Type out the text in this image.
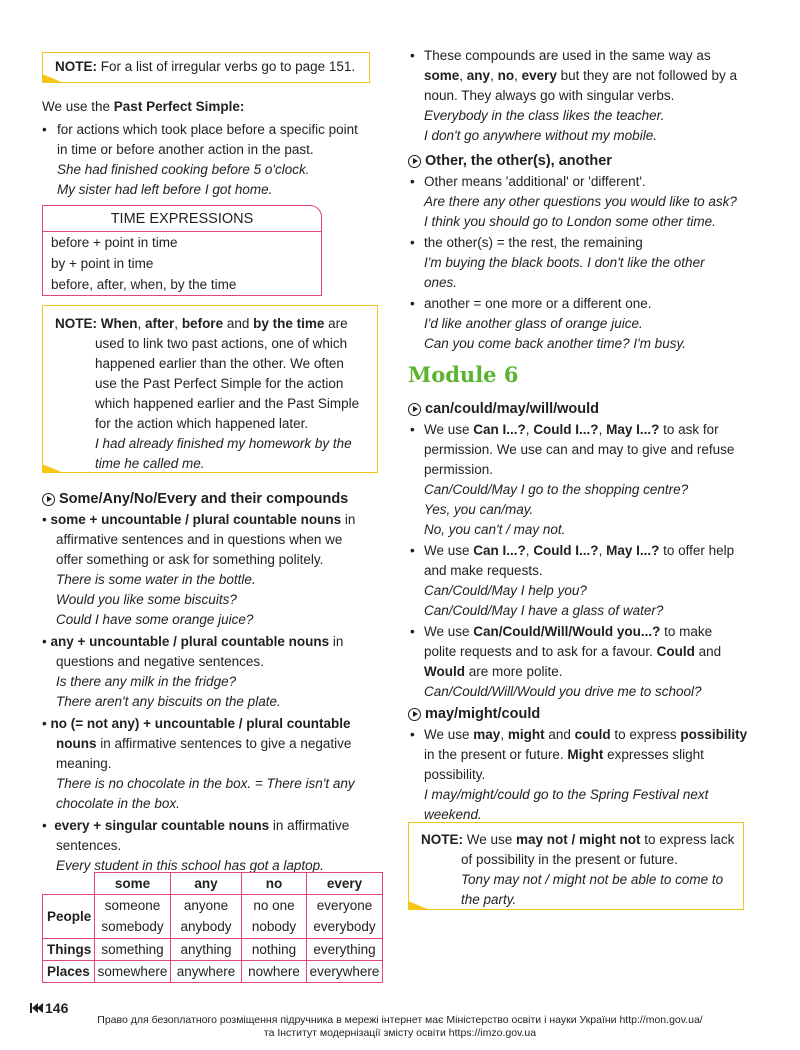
NOTE: For a list of irregular verbs go to page 151.
We use the Past Perfect Simple:
• for actions which took place before a specific point
in time or before another action in the past.
She had finished cooking before 5 o'clock.
My sister had left before I got home.
TIME EXPRESSIONS
before + point in time
by + point in time
before, after, when, by the time
NOTE: When, after, before and by the time are
used to link two past actions, one of which
happened earlier than the other. We often
use the Past Perfect Simple for the action
which happened earlier and the Past Simple
for the action which happened later.
I had already finished my homework by the
time he called me.
Some/Any/No/Every and their compounds
• some + uncountable / plural countable nouns in
affirmative sentences and in questions when we
offer something or ask for something politely.
There is some water in the bottle.
Would you like some biscuits?
Could I have some orange juice?
• any + uncountable / plural countable nouns in
questions and negative sentences.
Is there any milk in the fridge?
There aren't any biscuits on the plate.
• no (= not any) + uncountable / plural countable
nouns in affirmative sentences to give a negative
meaning.
There is no chocolate in the box. = There isn't any
chocolate in the box.
•  every + singular countable nouns in affirmative
sentences.
Every student in this school has got a laptop.
	some	any	no	every
People	someone	anyone	no one	everyone
	somebody	anybody	nobody	everybody
Things	something	anything	nothing	everything
Places	somewhere	anywhere	nowhere	everywhere
• These compounds are used in the same way as
some, any, no, every but they are not followed by a
noun. They always go with singular verbs.
Everybody in the class likes the teacher.
I don't go anywhere without my mobile.
Other, the other(s), another
• Other means 'additional' or 'different'.
Are there any other questions you would like to ask?
I think you should go to London some other time.
• the other(s) = the rest, the remaining
I'm buying the black boots. I don't like the other
ones.
• another = one more or a different one.
I'd like another glass of orange juice.
Can you come back another time? I'm busy.
Module 6
can/could/may/will/would
• We use Can I...?, Could I...?, May I...? to ask for
permission. We use can and may to give and refuse
permission.
Can/Could/May I go to the shopping centre?
Yes, you can/may.
No, you can't / may not.
• We use Can I...?, Could I...?, May I...? to offer help
and make requests.
Can/Could/May I help you?
Can/Could/May I have a glass of water?
• We use Can/Could/Will/Would you...? to make
polite requests and to ask for a favour. Could and
Would are more polite.
Can/Could/Will/Would you drive me to school?
may/might/could
• We use may, might and could to express possibility
in the present or future. Might expresses slight
possibility.
I may/might/could go to the Spring Festival next
weekend.
NOTE: We use may not / might not to express lack
of possibility in the present or future.
Tony may not / might not be able to come to
the party.
146
Право для безоплатного розміщення підручника в мережі інтернет має Міністерство освіти і науки України http://mon.gov.ua/
та Інститут модернізації змісту освіти https://imzo.gov.ua
